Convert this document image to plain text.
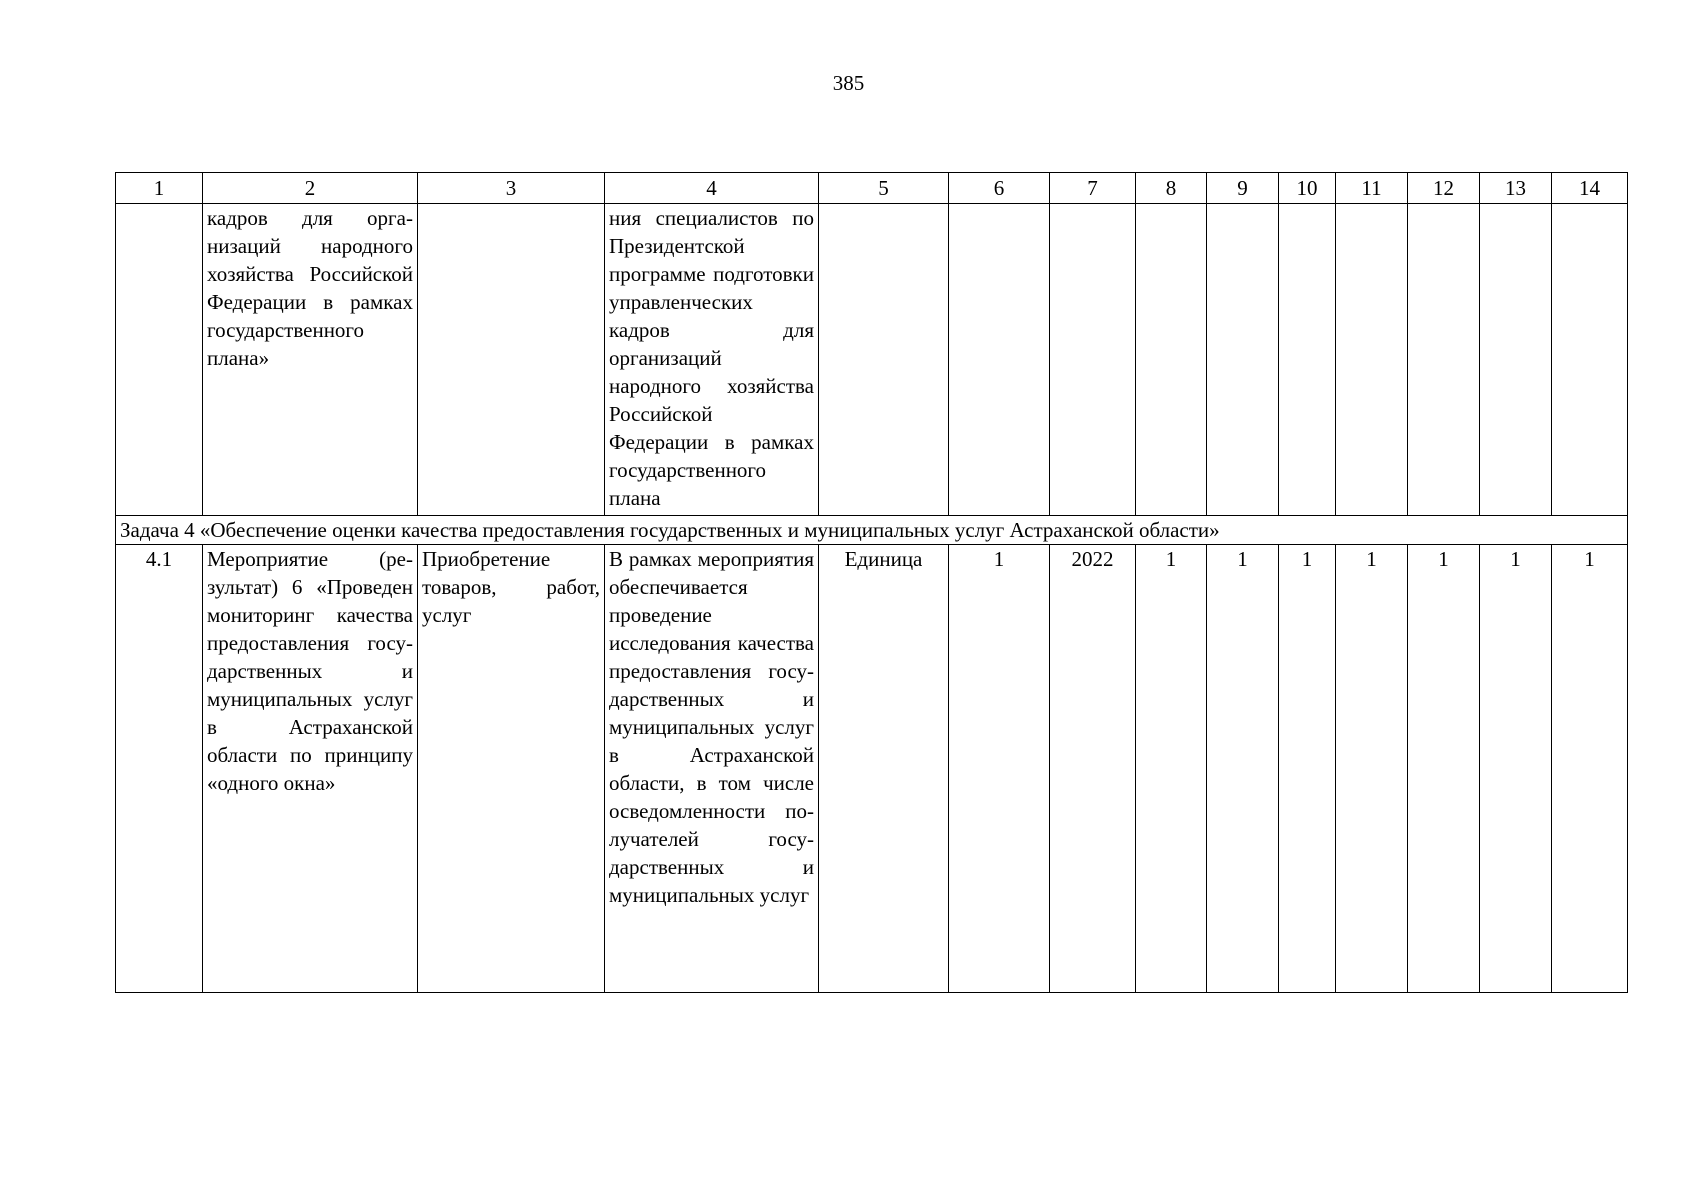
385
1	2	3	4	5	6	7	8	9	10	11	12	13	14
	кадров для организаций народного хозяйства Российской Федерации в рамках государственного плана»		ния специалистов по Президентской программе подготовки управленческих кадров для организаций народного хозяйства Российской Федерации в рамках государственного плана										
Задача 4 «Обеспечение оценки качества предоставления государственных и муниципальных услуг Астраханской области»													
4.1	Мероприятие (результат) 6 «Проведен мониторинг качества предоставления государственных и муниципальных услуг в Астраханской области по принципу «одного окна»	Приобретение товаров, работ, услуг	В рамках мероприятия обеспечивается проведение исследования качества предоставления государственных и муниципальных услуг в Астраханской области, в том числе осведомленности получателей государственных и муниципальных услуг	Единица	1	2022	1	1	1	1	1	1	1
